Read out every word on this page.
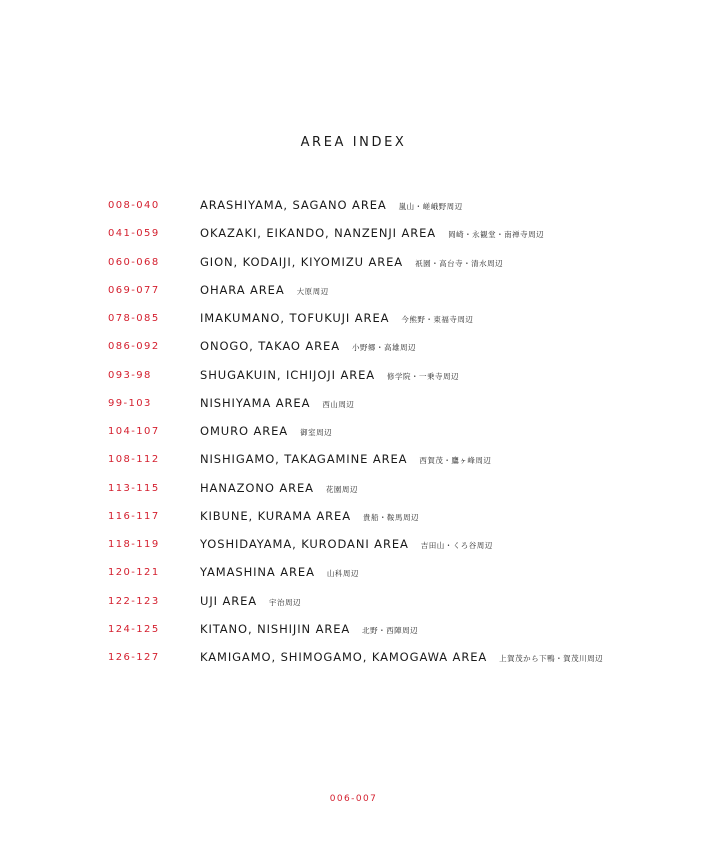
AREA INDEX
008-040	ARASHIYAMA, SAGANO AREA 嵐山・嵯峨野周辺
041-059	OKAZAKI, EIKANDO, NANZENJI AREA 岡崎・永観堂・南禅寺周辺
060-068	GION, KODAIJI, KIYOMIZU AREA 祇園・高台寺・清水周辺
069-077	OHARA AREA 大原周辺
078-085	IMAKUMANO, TOFUKUJI AREA 今熊野・東福寺周辺
086-092	ONOGO, TAKAO AREA 小野郷・高雄周辺
093-98	SHUGAKUIN, ICHIJOJI AREA 修学院・一乗寺周辺
99-103	NISHIYAMA AREA 西山周辺
104-107	OMURO AREA 御室周辺
108-112	NISHIGAMO, TAKAGAMINE AREA 西賀茂・鷹ヶ峰周辺
113-115	HANAZONO AREA 花園周辺
116-117	KIBUNE, KURAMA AREA 貴船・鞍馬周辺
118-119	YOSHIDAYAMA, KURODANI AREA 吉田山・くろ谷周辺
120-121	YAMASHINA AREA 山科周辺
122-123	UJI AREA 宇治周辺
124-125	KITANO, NISHIJIN AREA 北野・西陣周辺
126-127	KAMIGAMO, SHIMOGAMO, KAMOGAWA AREA 上賀茂から下鴨・賀茂川周辺
006-007
